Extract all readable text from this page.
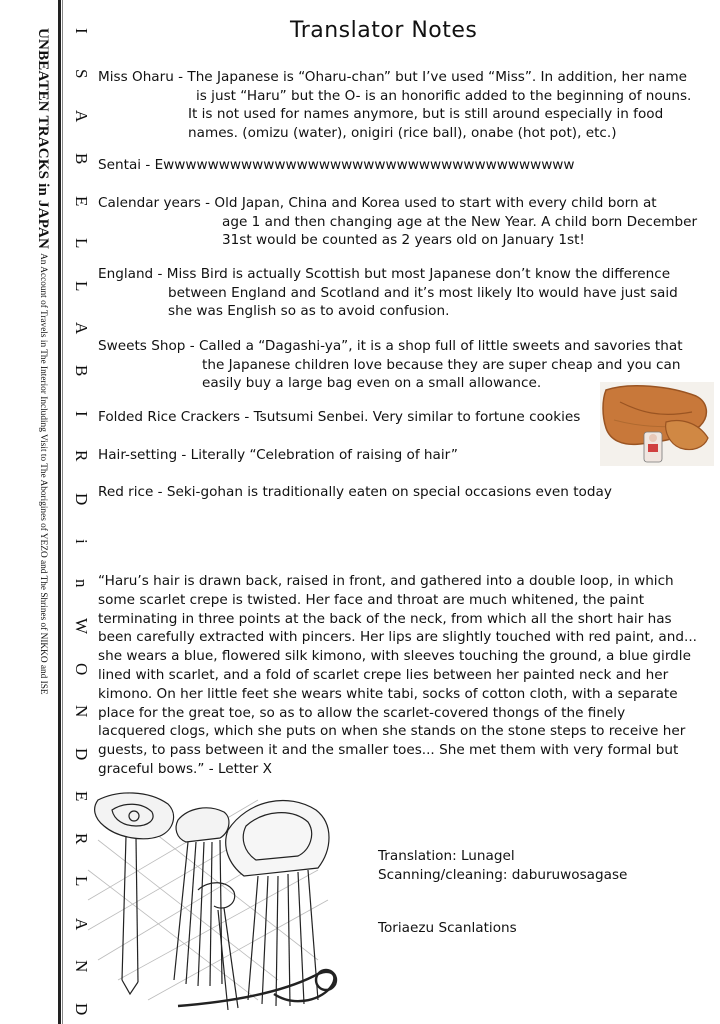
UNBEATEN TRACKS in JAPAN An Account of Travels in The Interior Including Visit to The Aborigines of YEZO and The Shrines of NIKKO and ISE
I
S
A
B
E
L
L
A
B
I
R
D
i
n
W
O
N
D
E
R
L
A
N
D
Translator Notes
Miss Oharu - The Japanese is “Oharu-chan” but I’ve used “Miss”. In addition, her name
is just “Haru” but the O- is an honorific added to the beginning of nouns.
It is not used for names anymore, but is still around especially in food
names. (omizu (water), onigiri (rice ball), onabe (hot pot), etc.)
Sentai - Ewwwwwwwwwwwwwwwwwwwwwwwwwwwwwwwwwwwww
Calendar years - Old Japan, China and Korea used to start with every child born at
age 1 and then changing age at the New Year. A child born December
31st would be counted as 2 years old on January 1st!
England - Miss Bird is actually Scottish but most Japanese don’t know the difference
between England and Scotland and it’s most likely Ito would have just said
she was English so as to avoid confusion.
Sweets Shop - Called a “Dagashi-ya”, it is a shop full of little sweets and savories that
the Japanese children love because they are super cheap and you can
easily buy a large bag even on a small allowance.
Folded Rice Crackers - Tsutsumi Senbei. Very similar to fortune cookies
Hair-setting - Literally “Celebration of raising of hair”
Red rice - Seki-gohan is traditionally eaten on special occasions even today
“Haru’s hair is drawn back, raised in front, and gathered into a double loop, in which
some scarlet crepe is twisted. Her face and throat are much whitened, the paint
terminating in three points at the back of the neck, from which all the short hair has
been carefully extracted with pincers. Her lips are slightly touched with red paint, and...
she wears a blue, flowered silk kimono, with sleeves touching the ground, a blue girdle
lined with scarlet, and a fold of scarlet crepe lies between her painted neck and her
kimono. On her little feet she wears white tabi, socks of cotton cloth, with a separate
place for the great toe, so as to allow the scarlet-covered thongs of the finely
lacquered clogs, which she puts on when she stands on the stone steps to receive her
guests, to pass between it and the smaller toes... She met them with very formal but
graceful bows.” - Letter X
Translation: Lunagel
Scanning/cleaning: daburuwosagase
Toriaezu Scanlations
